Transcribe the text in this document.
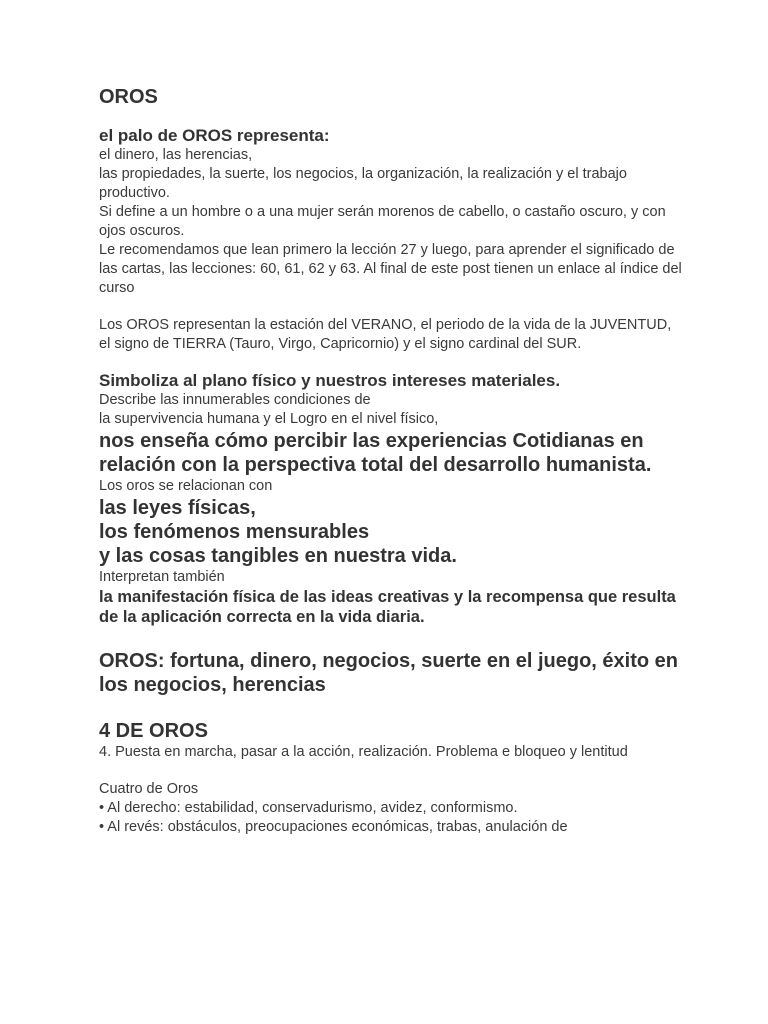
OROS
el palo de OROS representa:

el dinero, las herencias,

las propiedades, la suerte, los negocios, la organización, la realización y el trabajo

productivo.

Si define a un hombre o a una mujer serán morenos de cabello, o castaño oscuro, y con ojos oscuros.

Le recomendamos que lean primero la lección 27 y luego, para aprender el significado de

las cartas, las lecciones: 60, 61, 62 y 63. Al final de este post tienen un enlace al índice del

curso

Los OROS representan la estación del VERANO, el periodo de la vida de la JUVENTUD,

el signo de TIERRA (Tauro, Virgo, Capricornio) y el signo cardinal del SUR.

Simboliza al plano físico y nuestros intereses materiales.

Describe las innumerables condiciones de

la supervivencia humana y el Logro en el nivel físico,

nos enseña cómo percibir las experiencias Cotidianas en relación con la perspectiva total del desarrollo humanista.

Los oros se relacionan con

las leyes físicas,

los fenómenos mensurables

y las cosas tangibles en nuestra vida.

Interpretan también

la manifestación física de las ideas creativas y la recompensa que resulta de la aplicación correcta en la vida diaria.

OROS: fortuna, dinero, negocios, suerte en el juego, éxito en los negocios, herencias
4 DE OROS

4. Puesta en marcha, pasar a la acción, realización. Problema e bloqueo y lentitud

Cuatro de Oros

• Al derecho: estabilidad, conservadurismo, avidez, conformismo.

• Al revés: obstáculos, preocupaciones económicas, trabas, anulación de
